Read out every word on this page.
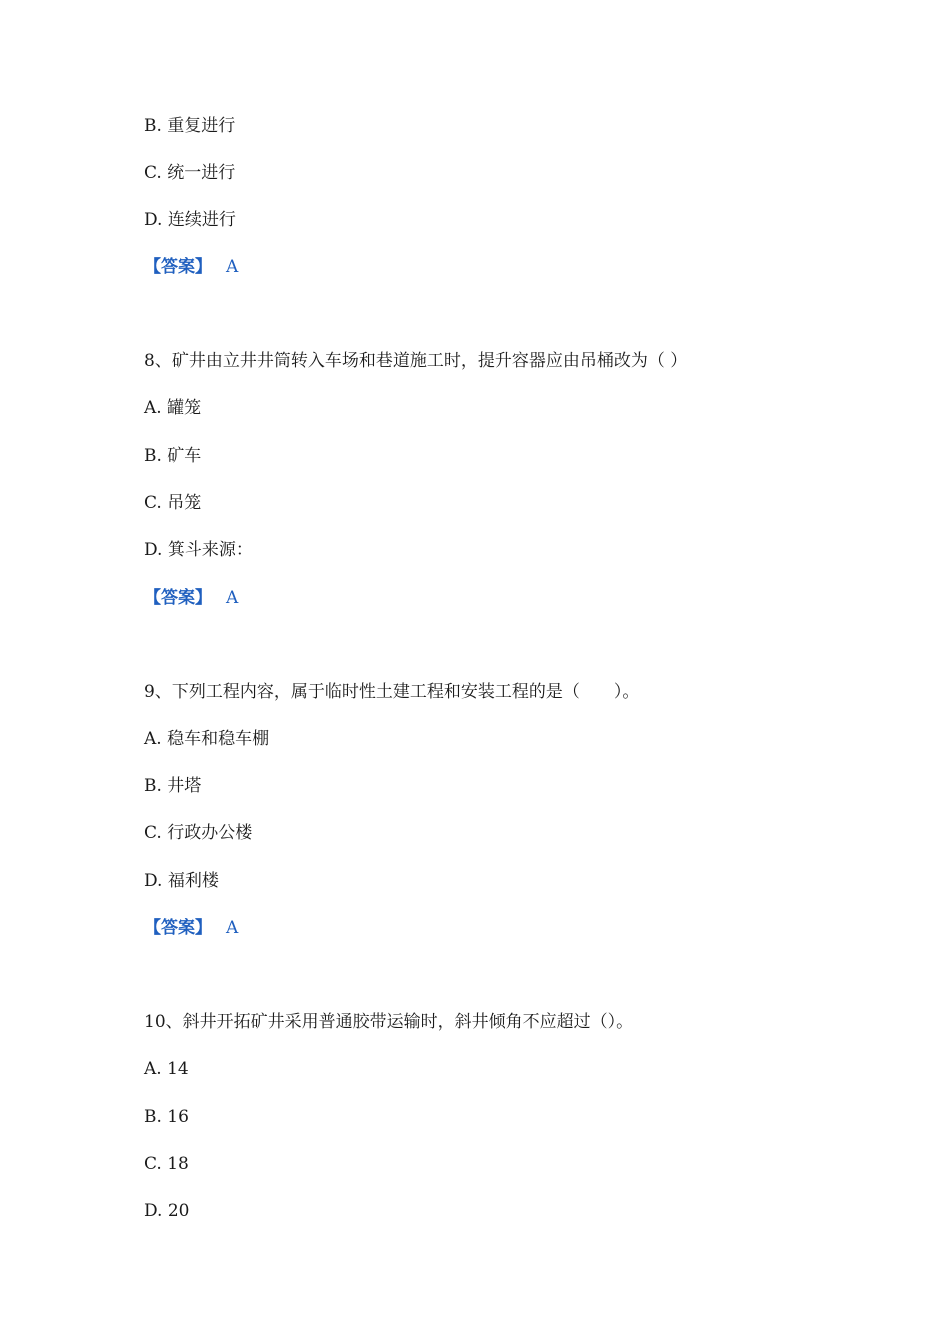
B. 重复进行
C. 统一进行
D. 连续进行
【答案】 A
8、矿井由立井井筒转入车场和巷道施工时，提升容器应由吊桶改为（ ）
A. 罐笼
B. 矿车
C. 吊笼
D. 箕斗来源：
【答案】 A
9、下列工程内容，属于临时性土建工程和安装工程的是（　　）。
A. 稳车和稳车棚
B. 井塔
C. 行政办公楼
D. 福利楼
【答案】 A
10、斜井开拓矿井采用普通胶带运输时，斜井倾角不应超过（）。
A. 14
B. 16
C. 18
D. 20
